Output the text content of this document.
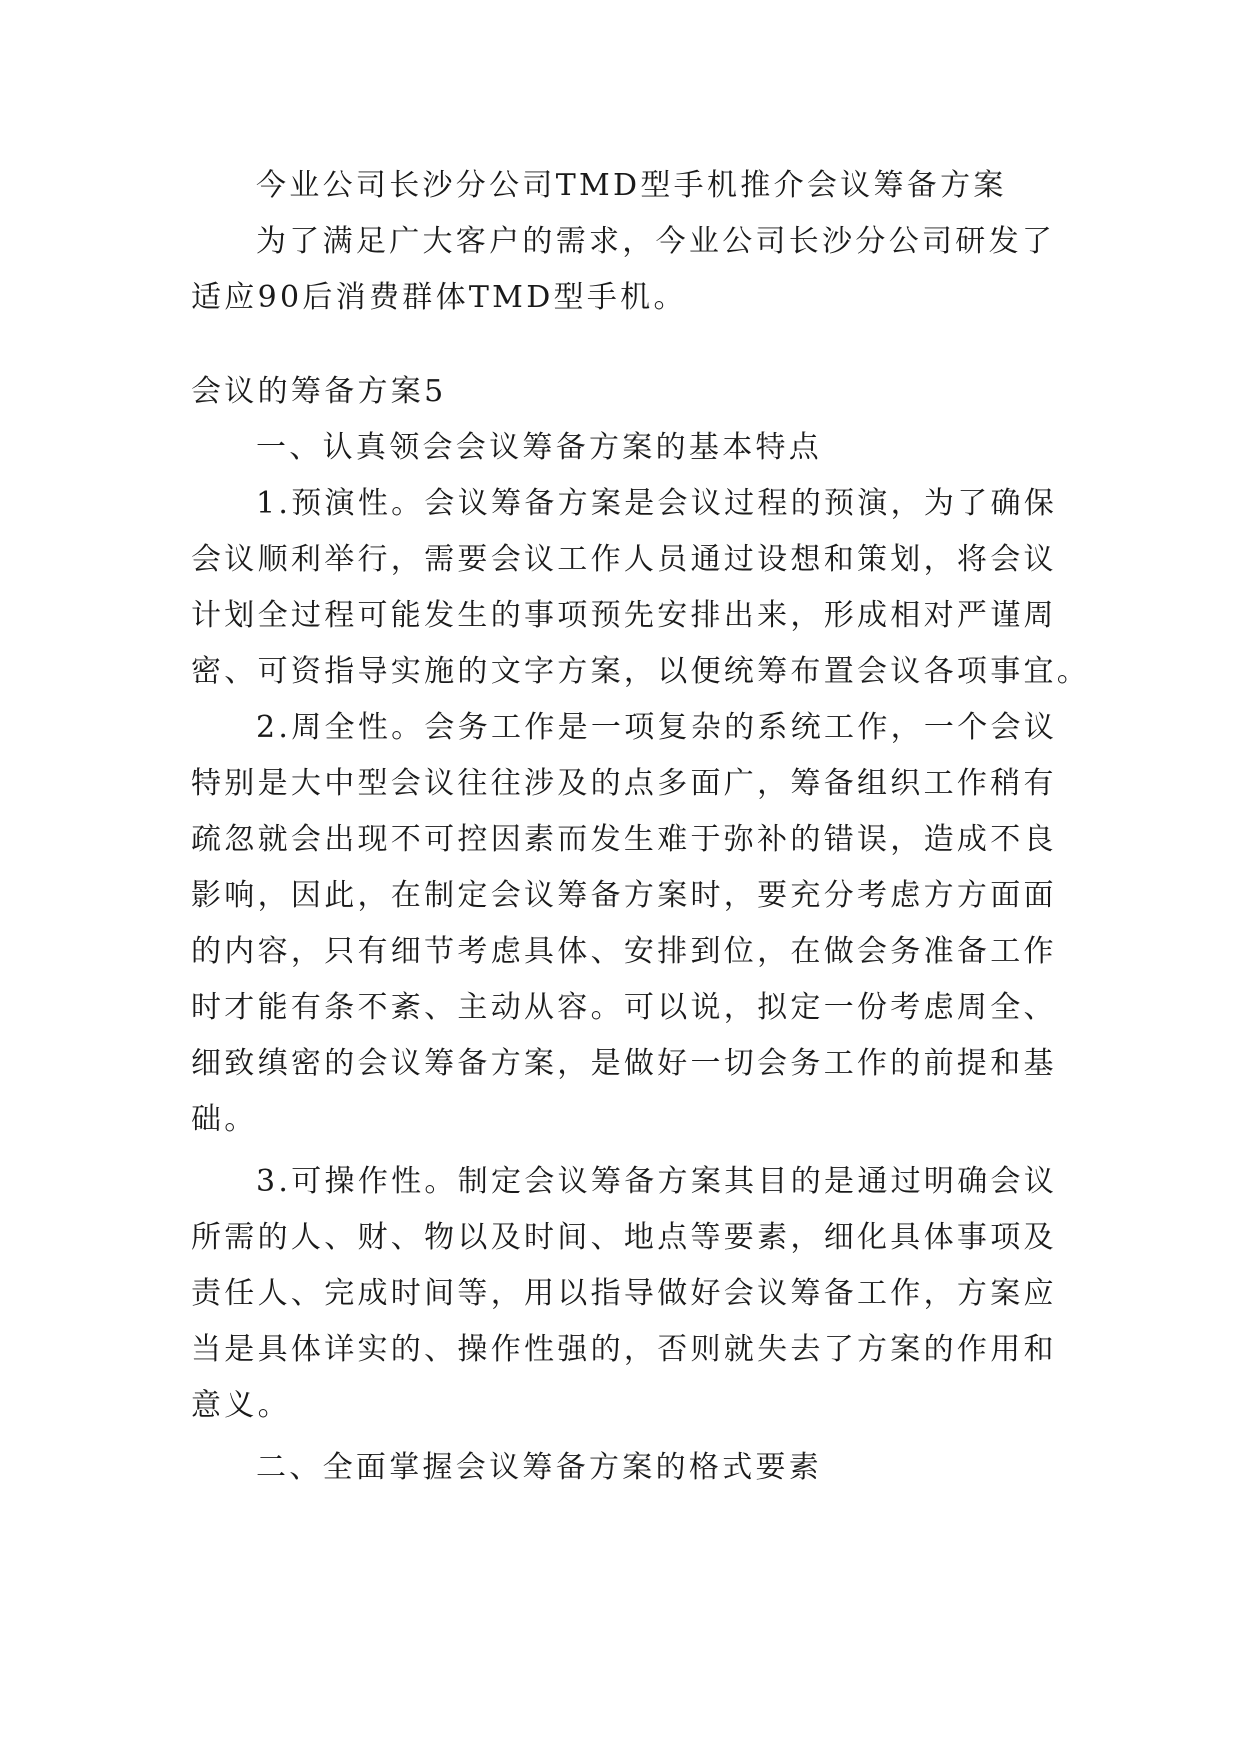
今业公司长沙分公司TMD型手机推介会议筹备方案
为了满足广大客户的需求，今业公司长沙分公司研发了
适应90后消费群体TMD型手机。
会议的筹备方案5
一、认真领会会议筹备方案的基本特点
1.预演性。会议筹备方案是会议过程的预演，为了确保
会议顺利举行，需要会议工作人员通过设想和策划，将会议
计划全过程可能发生的事项预先安排出来，形成相对严谨周
密、可资指导实施的文字方案，以便统筹布置会议各项事宜。
2.周全性。会务工作是一项复杂的系统工作，一个会议
特别是大中型会议往往涉及的点多面广，筹备组织工作稍有
疏忽就会出现不可控因素而发生难于弥补的错误，造成不良
影响，因此，在制定会议筹备方案时，要充分考虑方方面面
的内容，只有细节考虑具体、安排到位，在做会务准备工作
时才能有条不紊、主动从容。可以说，拟定一份考虑周全、
细致缜密的会议筹备方案，是做好一切会务工作的前提和基
础。
3.可操作性。制定会议筹备方案其目的是通过明确会议
所需的人、财、物以及时间、地点等要素，细化具体事项及
责任人、完成时间等，用以指导做好会议筹备工作，方案应
当是具体详实的、操作性强的，否则就失去了方案的作用和
意义。
二、全面掌握会议筹备方案的格式要素
